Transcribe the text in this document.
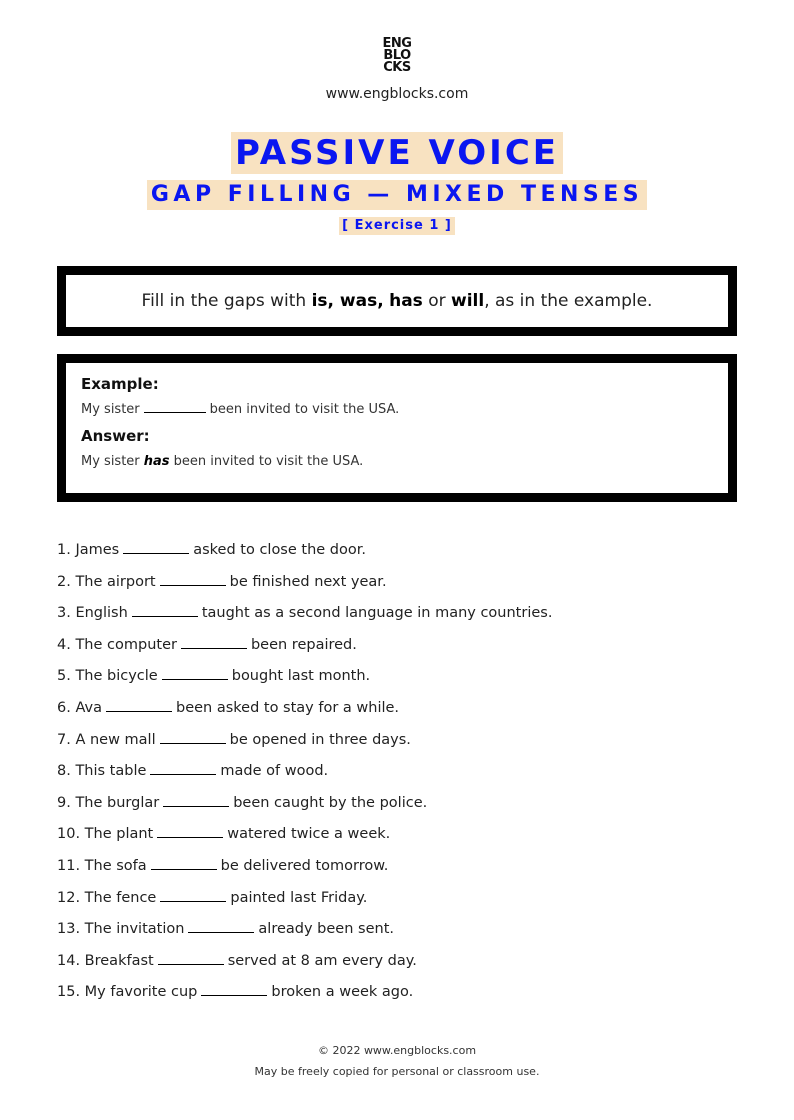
ENG
BLO
CKS
www.engblocks.com
PASSIVE VOICE
GAP FILLING — MIXED TENSES
[ Exercise 1 ]
Fill in the gaps with is, was, has or will, as in the example.
Example:
My sister	been invited to visit the USA.
Answer:
My sister has been invited to visit the USA.
1. James	asked to close the door.
2. The airport	be finished next year.
3. English	taught as a second language in many countries.
4. The computer	been repaired.
5. The bicycle	bought last month.
6. Ava	been asked to stay for a while.
7. A new mall	be opened in three days.
8. This table	made of wood.
9. The burglar	been caught by the police.
10. The plant	watered twice a week.
11. The sofa	be delivered tomorrow.
12. The fence	painted last Friday.
13. The invitation	already been sent.
14. Breakfast	served at 8 am every day.
15. My favorite cup	broken a week ago.
© 2022 www.engblocks.com
May be freely copied for personal or classroom use.
